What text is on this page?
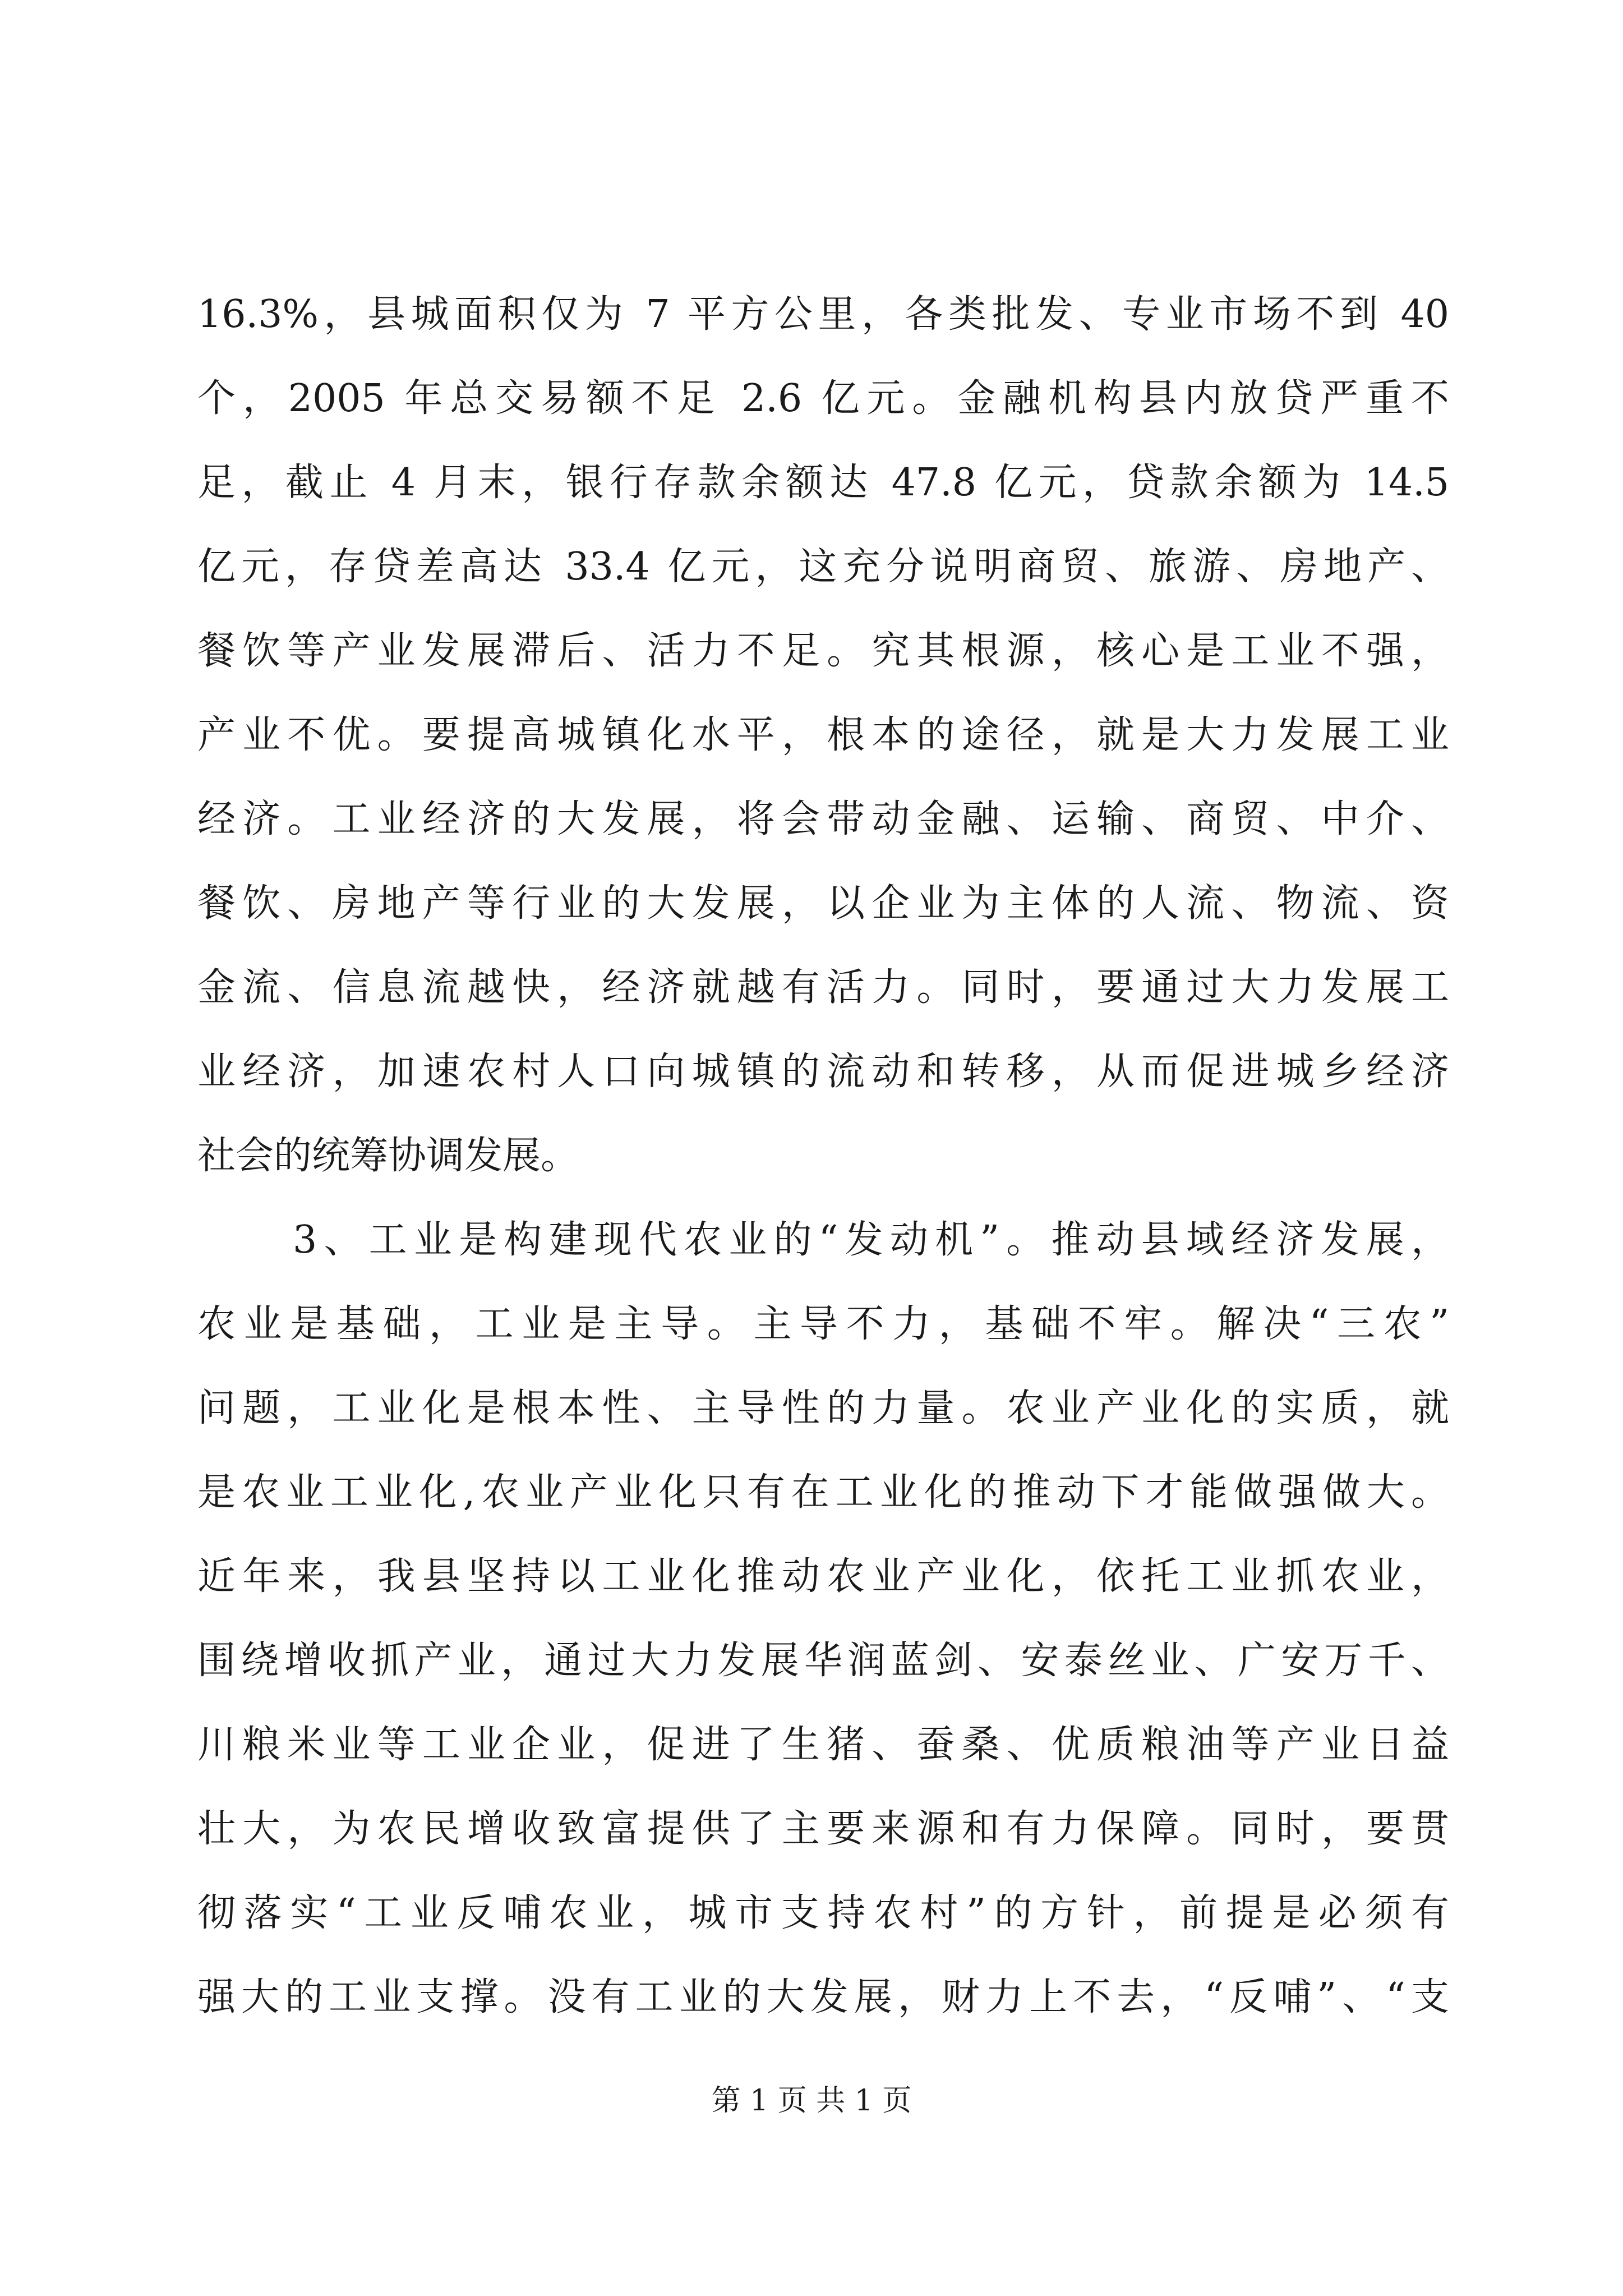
16.3%，县城面积仅为 7 平方公里，各类批发、专业市场不到 40
个，2005 年总交易额不足 2.6 亿元。金融机构县内放贷严重不
足，截止 4 月末，银行存款余额达 47.8 亿元，贷款余额为 14.5
亿元，存贷差高达 33.4 亿元，这充分说明商贸、旅游、房地产、
餐饮等产业发展滞后、活力不足。究其根源，核心是工业不强，
产业不优。要提高城镇化水平，根本的途径，就是大力发展工业
经济。工业经济的大发展，将会带动金融、运输、商贸、中介、
餐饮、房地产等行业的大发展，以企业为主体的人流、物流、资
金流、信息流越快，经济就越有活力。同时，要通过大力发展工
业经济，加速农村人口向城镇的流动和转移，从而促进城乡经济
社会的统筹协调发展。
3、工业是构建现代农业的“发动机”。推动县域经济发展，
农业是基础，工业是主导。主导不力，基础不牢。解决“三农”
问题，工业化是根本性、主导性的力量。农业产业化的实质，就
是农业工业化,农业产业化只有在工业化的推动下才能做强做大。
近年来，我县坚持以工业化推动农业产业化，依托工业抓农业，
围绕增收抓产业，通过大力发展华润蓝剑、安泰丝业、广安万千、
川粮米业等工业企业，促进了生猪、蚕桑、优质粮油等产业日益
壮大，为农民增收致富提供了主要来源和有力保障。同时，要贯
彻落实“工业反哺农业，城市支持农村”的方针，前提是必须有
强大的工业支撑。没有工业的大发展，财力上不去，“反哺”、“支
第 1 页 共 1 页
